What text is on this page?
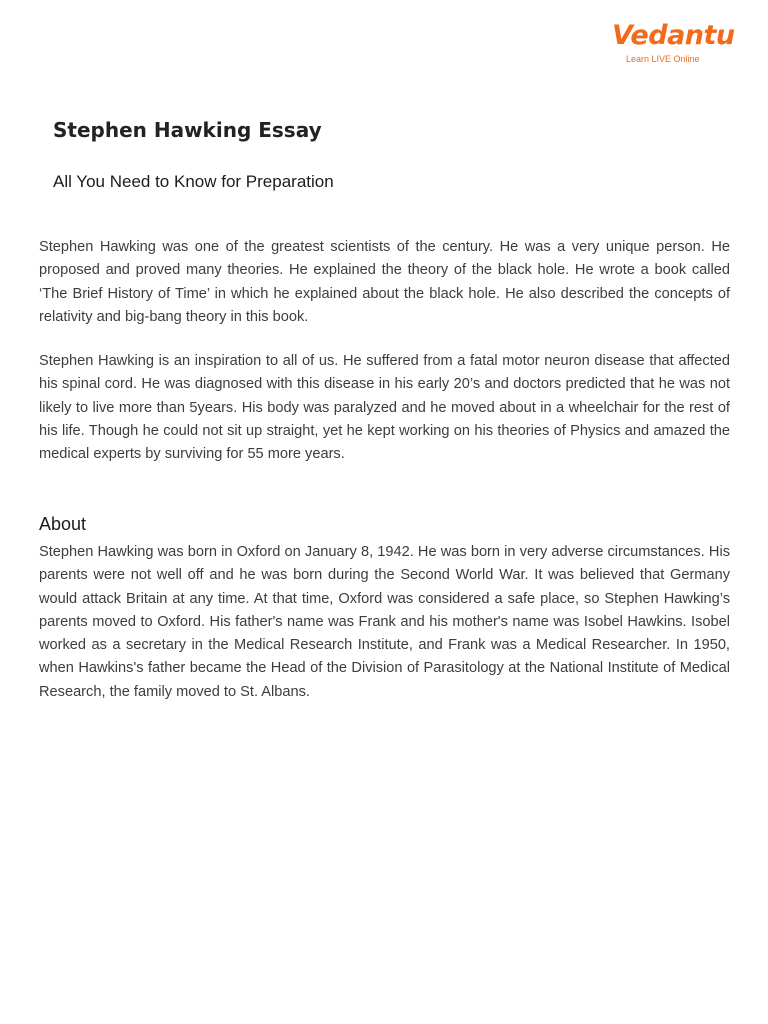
Vedantu
Learn LIVE Online
Stephen Hawking Essay
All You Need to Know for Preparation

Stephen Hawking was one of the greatest scientists of the century. He was a very unique person. He proposed and proved many theories. He explained the theory of the black hole. He wrote a book called ‘The Brief History of Time’ in which he explained about the black hole. He also described the concepts of relativity and big-bang theory in this book.

Stephen Hawking is an inspiration to all of us. He suffered from a fatal motor neuron disease that affected his spinal cord. He was diagnosed with this disease in his early 20’s and doctors predicted that he was not likely to live more than 5years. His body was paralyzed and he moved about in a wheelchair for the rest of his life. Though he could not sit up straight, yet he kept working on his theories of Physics and amazed the medical experts by surviving for 55 more years.

About

Stephen Hawking was born in Oxford on January 8, 1942. He was born in very adverse circumstances. His parents were not well off and he was born during the Second World War. It was believed that Germany would attack Britain at any time. At that time, Oxford was considered a safe place, so Stephen Hawking’s parents moved to Oxford. His father's name was Frank and his mother's name was Isobel Hawkins. Isobel worked as a secretary in the Medical Research Institute, and Frank was a Medical Researcher. In 1950, when Hawkins's father became the Head of the Division of Parasitology at the National Institute of Medical Research, the family moved to St. Albans.
